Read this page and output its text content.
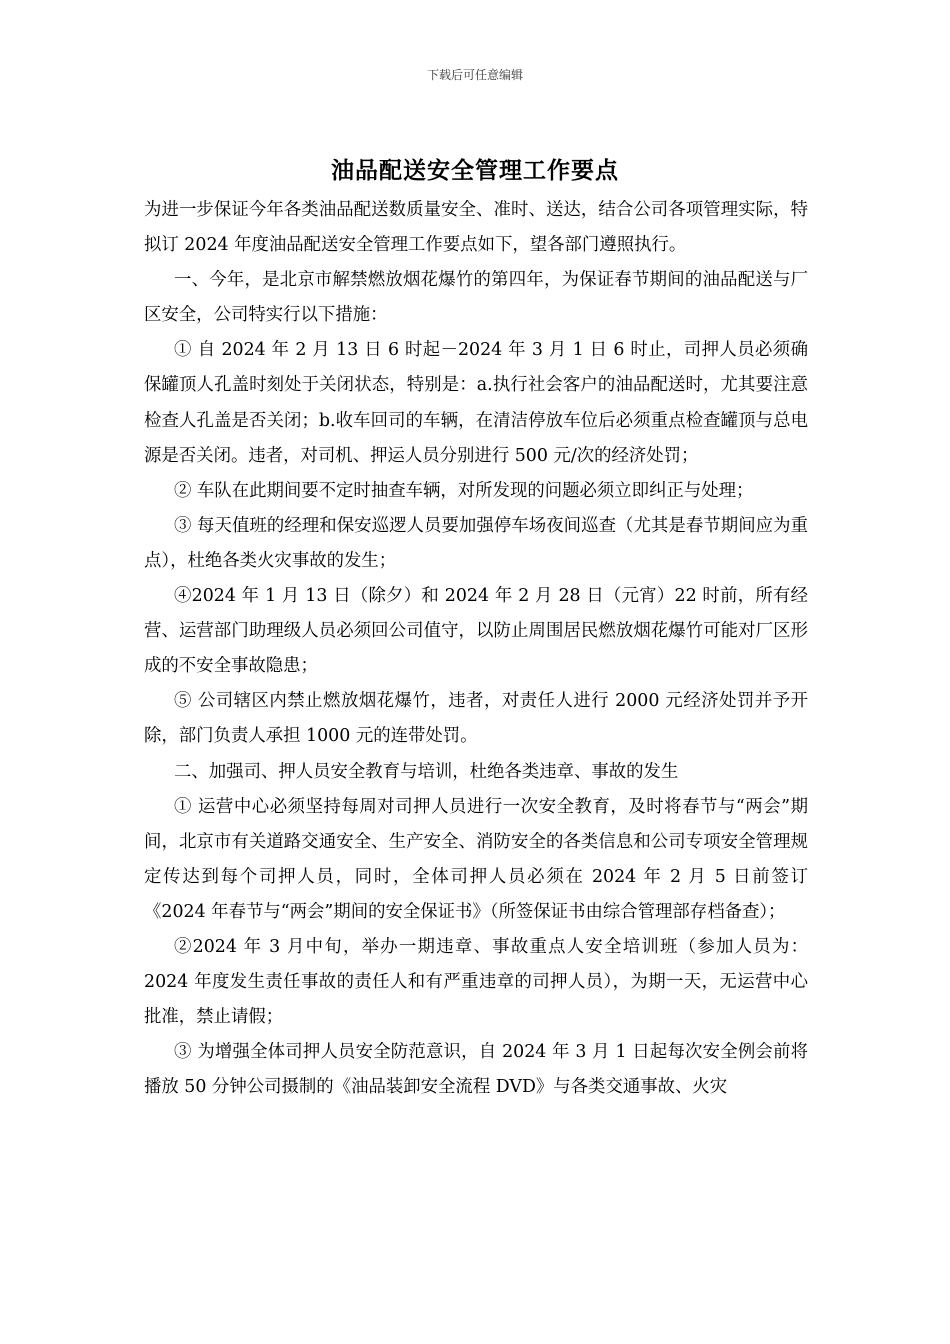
下载后可任意编辑
油品配送安全管理工作要点

为进一步保证今年各类油品配送数质量安全、准时、送达，结合公司各项管理实际，特拟订 2024 年度油品配送安全管理工作要点如下，望各部门遵照执行。

一、今年，是北京市解禁燃放烟花爆竹的第四年，为保证春节期间的油品配送与厂区安全，公司特实行以下措施：

① 自 2024 年 2 月 13 日 6 时起－2024 年 3 月 1 日 6 时止，司押人员必须确保罐顶人孔盖时刻处于关闭状态，特别是：a.执行社会客户的油品配送时，尤其要注意检查人孔盖是否关闭；b.收车回司的车辆，在清洁停放车位后必须重点检查罐顶与总电源是否关闭。违者，对司机、押运人员分别进行 500 元/次的经济处罚；

② 车队在此期间要不定时抽查车辆，对所发现的问题必须立即纠正与处理；

③ 每天值班的经理和保安巡逻人员要加强停车场夜间巡查（尤其是春节期间应为重点），杜绝各类火灾事故的发生；

④2024 年 1 月 13 日（除夕）和 2024 年 2 月 28 日（元宵）22 时前，所有经营、运营部门助理级人员必须回公司值守，以防止周围居民燃放烟花爆竹可能对厂区形成的不安全事故隐患；

⑤ 公司辖区内禁止燃放烟花爆竹，违者，对责任人进行 2000 元经济处罚并予开除，部门负责人承担 1000 元的连带处罚。

二、加强司、押人员安全教育与培训，杜绝各类违章、事故的发生

① 运营中心必须坚持每周对司押人员进行一次安全教育，及时将春节与“两会”期间，北京市有关道路交通安全、生产安全、消防安全的各类信息和公司专项安全管理规定传达到每个司押人员，同时，全体司押人员必须在 2024 年 2 月 5 日前签订《2024 年春节与“两会”期间的安全保证书》（所签保证书由综合管理部存档备查）；

②2024 年 3 月中旬，举办一期违章、事故重点人安全培训班（参加人员为：2024 年度发生责任事故的责任人和有严重违章的司押人员），为期一天，无运营中心批准，禁止请假；

③ 为增强全体司押人员安全防范意识，自 2024 年 3 月 1 日起每次安全例会前将播放 50 分钟公司摄制的《油品装卸安全流程 DVD》与各类交通事故、火灾
